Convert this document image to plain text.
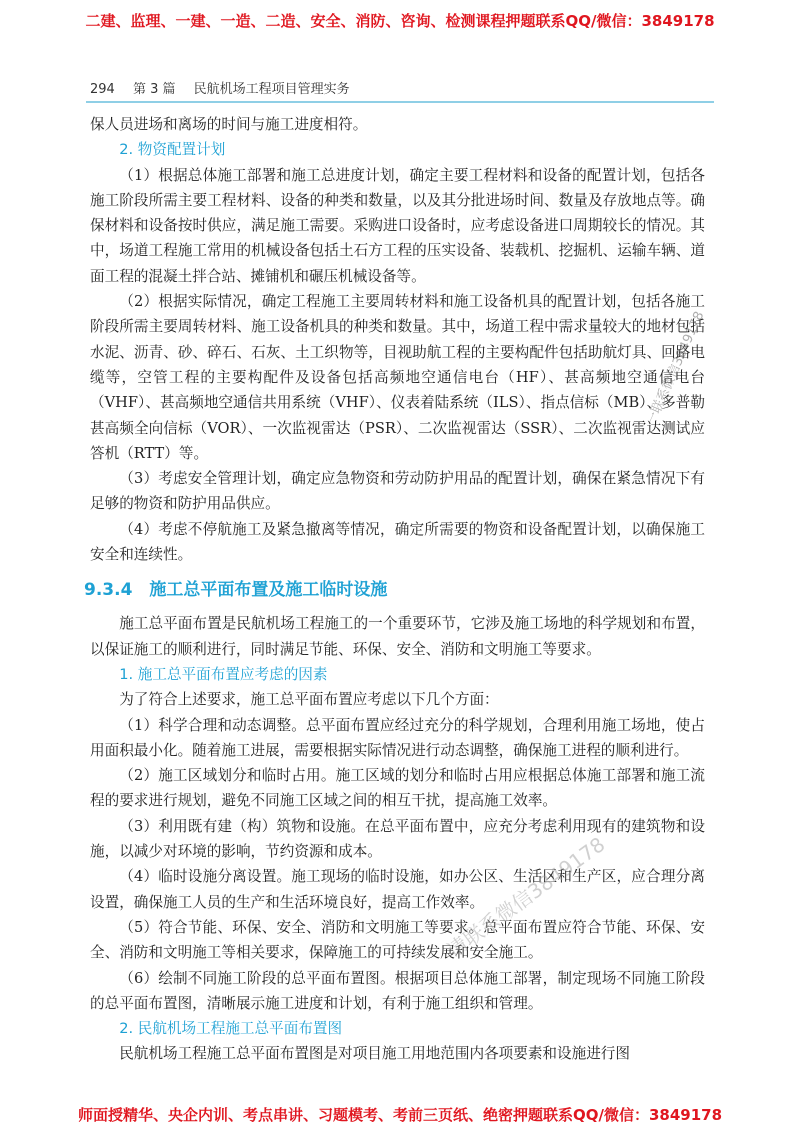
二建、监理、一建、一造、二造、安全、消防、咨询、检测课程押题联系QQ/微信：3849178
294 第 3 篇 民航机场工程项目管理实务

保人员进场和离场的时间与施工进度相符。

2. 物资配置计划

（1）根据总体施工部署和施工总进度计划，确定主要工程材料和设备的配置计划，包括各施工阶段所需主要工程材料、设备的种类和数量，以及其分批进场时间、数量及存放地点等。确保材料和设备按时供应，满足施工需要。采购进口设备时，应考虑设备进口周期较长的情况。其中，场道工程施工常用的机械设备包括土石方工程的压实设备、装载机、挖掘机、运输车辆、道面工程的混凝土拌合站、摊铺机和碾压机械设备等。

（2）根据实际情况，确定工程施工主要周转材料和施工设备机具的配置计划，包括各施工阶段所需主要周转材料、施工设备机具的种类和数量。其中，场道工程中需求量较大的地材包括水泥、沥青、砂、碎石、石灰、土工织物等，目视助航工程的主要构配件包括助航灯具、回路电缆等，空管工程的主要构配件及设备包括高频地空通信电台（HF）、甚高频地空通信电台（VHF）、甚高频地空通信共用系统（VHF）、仪表着陆系统（ILS）、指点信标（MB）、多普勒甚高频全向信标（VOR）、一次监视雷达（PSR）、二次监视雷达（SSR）、二次监视雷达测试应答机（RTT）等。

（3）考虑安全管理计划，确定应急物资和劳动防护用品的配置计划，确保在紧急情况下有足够的物资和防护用品供应。

（4）考虑不停航施工及紧急撤离等情况，确定所需要的物资和设备配置计划，以确保施工安全和连续性。

9.3.4　施工总平面布置及施工临时设施

施工总平面布置是民航机场工程施工的一个重要环节，它涉及施工场地的科学规划和布置，以保证施工的顺利进行，同时满足节能、环保、安全、消防和文明施工等要求。

1. 施工总平面布置应考虑的因素

为了符合上述要求，施工总平面布置应考虑以下几个方面：

（1）科学合理和动态调整。总平面布置应经过充分的科学规划，合理利用施工场地，使占用面积最小化。随着施工进展，需要根据实际情况进行动态调整，确保施工进程的顺利进行。

（2）施工区域划分和临时占用。施工区域的划分和临时占用应根据总体施工部署和施工流程的要求进行规划，避免不同施工区域之间的相互干扰，提高施工效率。

（3）利用既有建（构）筑物和设施。在总平面布置中，应充分考虑利用现有的建筑物和设施，以减少对环境的影响，节约资源和成本。

（4）临时设施分离设置。施工现场的临时设施，如办公区、生活区和生产区，应合理分离设置，确保施工人员的生产和生活环境良好，提高工作效率。

（5）符合节能、环保、安全、消防和文明施工等要求。总平面布置应符合节能、环保、安全、消防和文明施工等相关要求，保障施工的可持续发展和安全施工。

（6）绘制不同施工阶段的总平面布置图。根据项目总体施工部署，制定现场不同施工阶段的总平面布置图，清晰展示施工进度和计划，有利于施工组织和管理。

2. 民航机场工程施工总平面布置图

民航机场工程施工总平面布置图是对项目施工用地范围内各项要素和设施进行图

一联系微信3849178
请联系微信3849178
师面授精华、央企内训、考点串讲、习题模考、考前三页纸、绝密押题联系QQ/微信：3849178
